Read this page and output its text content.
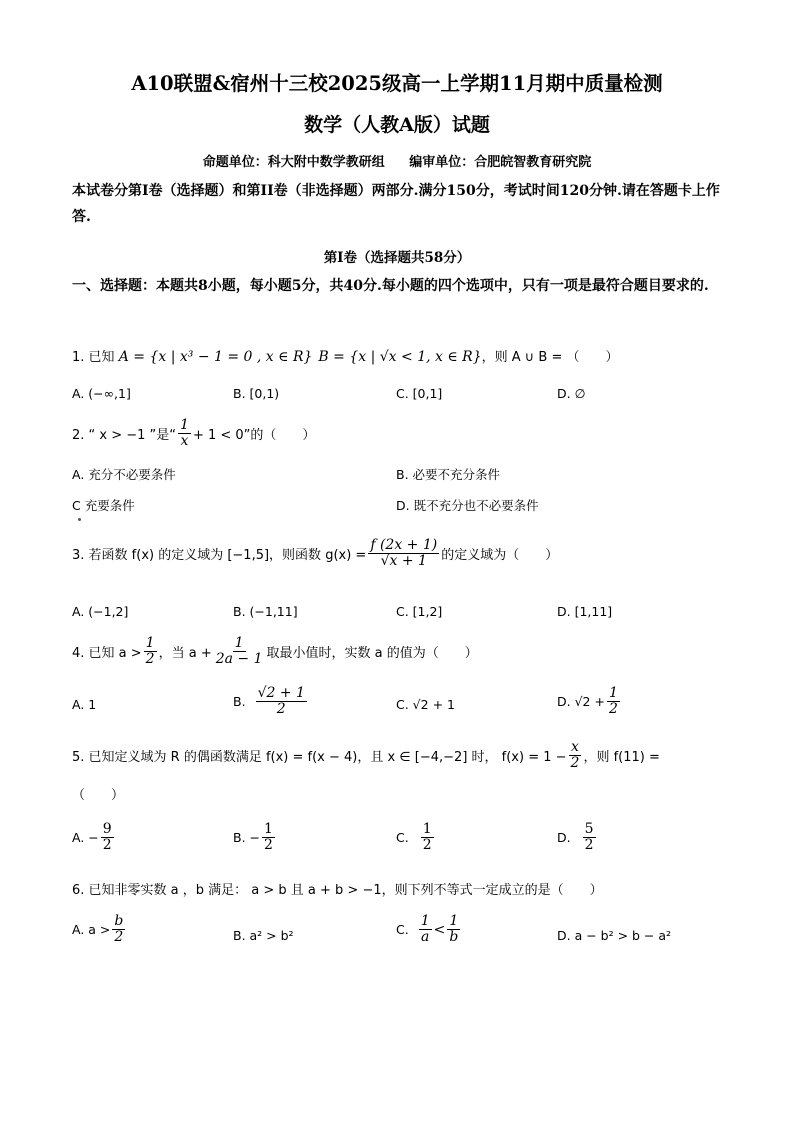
A10联盟&宿州十三校2025级高一上学期11月期中质量检测
数学（人教A版）试题
命题单位：科大附中数学教研组 编审单位：合肥皖智教育研究院
本试卷分第I卷（选择题）和第II卷（非选择题）两部分.满分150分，考试时间120分钟.请在答题卡上作答.
第I卷（选择题共58分）
一、选择题：本题共8小题，每小题5分，共40分.每小题的四个选项中，只有一项是最符合题目要求的.
1. 已知 A = {x | x³ − 1 = 0 , x ∈ R} B = {x | √x < 1, x ∈ R}，则 A ∪ B = （　　）
A. (−∞,1]	B. [0,1)	C. [0,1]	D. ∅
2. “ x > −1 ”是“ $\frac{1}{x} + 1 < 0$”的（　　）
A. 充分不必要条件	B. 必要不充分条件
C 充要条件	D. 既不充分也不必要条件
3. 若函数 f(x) 的定义域为 [−1,5]，则函数 $g(x) = \frac{f (2x + 1)}{√x + 1}$ 的定义域为（　　）
A. (−1,2]	B. (−1,11]	C. [1,2]	D. [1,11]
4. 已知 $a > \frac{1}{2}$ ，当 $a + \frac{1}{2a - 1}$ 取最小值时，实数 a 的值为（　　）
A. 1	B. $\frac{√2 + 1}{2}$	C. √2 + 1	D. $√2 + \frac{1}{2}$
5. 已知定义域为 R 的偶函数满足 f(x) = f(x − 4)，且 x ∈ [−4,−2] 时， $f(x) = 1 - \frac{x}{2}$ ，则 f(11) =
（　　）
A. − $\frac{9}{2}$	B. − $\frac{1}{2}$	C. $\frac{1}{2}$	D. $\frac{5}{2}$
6. 已知非零实数 a ，b 满足： a > b 且 a + b > −1，则下列不等式一定成立的是（　　）
A. $a > \frac{b}{2}$	B. a² > b²	C. $\frac{1}{a} < \frac{1}{b}$	D. a − b² > b − a²
